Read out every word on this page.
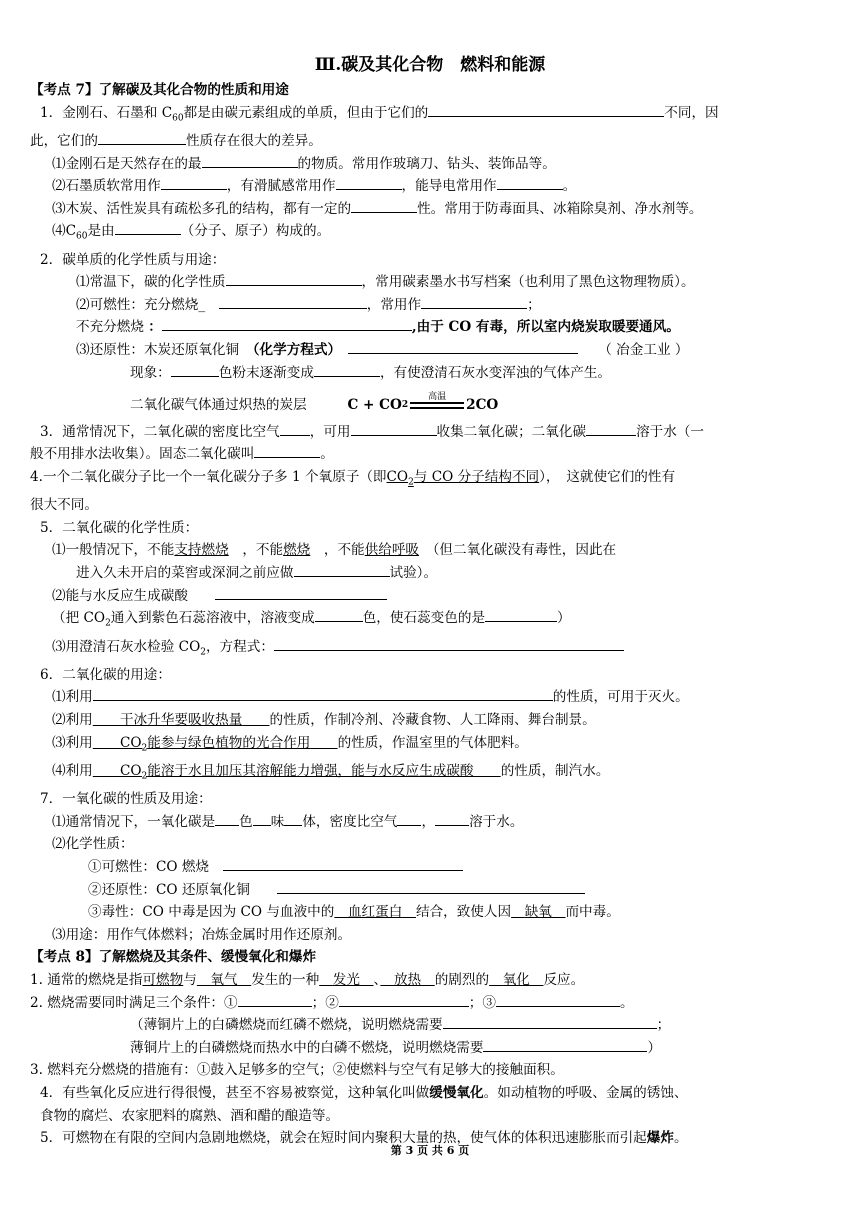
Ⅲ.碳及其化合物　燃料和能源
【考点 7】了解碳及其化合物的性质和用途
1．金刚石、石墨和 $C_{60}$都是由碳元素组成的单质，但由于它们的	不同，因
此，它们的	性质存在很大的差异。
⑴金刚石是天然存在的最	的物质。常用作玻璃刀、钻头、装饰品等。
⑵石墨质软常用作	，有滑腻感常用作	，能导电常用作	。
⑶木炭、活性炭具有疏松多孔的结构，都有一定的	性。常用于防毒面具、冰箱除臭剂、净水剂等。
$⑷C_{60}$是由	（分子、原子）构成的。
2．碳单质的化学性质与用途：
⑴常温下，碳的化学性质	，常用碳素墨水书写档案（也利用了黑色这物理物质）。
⑵可燃性：充分燃烧_　	，常用作	；
不充分燃烧 ：	,由于 CO 有毒，所以室内烧炭取暖要通风。
⑶还原性：木炭还原氧化铜　 （化学方程式）　　　	（ 冶金工业 ）
现象：	色粉末逐渐变成	，有使澄清石灰水变浑浊的气体产生。
二氧化碳气体通过炽热的炭层　　　	C + CO 2
高温	2CO
3．通常情况下，二氧化碳的密度比空气 ，可用	收集二氧化碳；二氧化碳	溶于水（一
般不用排水法收集）。固态二氧化碳叫	。
4.一个二氧化碳分子比一个一氧化碳分子多 1 个氧原子（即$CO_2$与 CO 分子结构不同），　这就使它们的性有
很大不同。
5．二氧化碳的化学性质：
⑴一般情况下，不能支持燃烧　 ，不能燃烧　 ，不能供给呼吸　 （但二氧化碳没有毒性，因此在
进入久未开启的菜窖或深洞之前应做	试验）。
⑵能与水反应生成碳酸　　
（把 $CO_2$通入到紫色石蕊溶液中，溶液变成	色，使石蕊变色的是	）
⑶用澄清石灰水检验 $CO_2$，方程式：
6．二氧化碳的用途：
⑴利用	的性质，可用于灭火。
⑵利用　　 干冰升华要吸收热量　　 的性质，作制冷剂、冷藏食物、人工降雨、舞台制景。
⑶利用　　 $CO_2$能参与绿色植物的光合作用　　 的性质，作温室里的气体肥料。
⑷利用　　 $CO_2$能溶于水且加压其溶解能力增强，能与水反应生成碳酸　　 的性质，制汽水。
7．一氧化碳的性质及用途：
⑴通常情况下，一氧化碳是 色 味 体，密度比空气 ，	溶于水。
⑵化学性质：
①可燃性：CO 燃烧　
②还原性：CO 还原氧化铜　　
③毒性：CO 中毒是因为 CO 与血液中的　 血红蛋白　 结合，致使人因　 缺氧　 而中毒。
⑶用途：用作气体燃料；冶炼金属时用作还原剂。
【考点 8】了解燃烧及其条件、缓慢氧化和爆炸
1. 通常的燃烧是指可燃物与　 氧气　 发生的一种　 发光　 、　 放热　 的剧烈的　 氧化　 反应。
2. 燃烧需要同时满足三个条件：①	；②	；③	。
（薄铜片上的白磷燃烧而红磷不燃烧，说明燃烧需要	；
薄铜片上的白磷燃烧而热水中的白磷不燃烧，说明燃烧需要	）
3. 燃料充分燃烧的措施有：①鼓入足够多的空气；②使燃料与空气有足够大的接触面积。
4．有些氧化反应进行得很慢，甚至不容易被察觉，这种氧化叫做缓慢氧化。如动植物的呼吸、金属的锈蚀、
食物的腐烂、农家肥料的腐熟、酒和醋的酿造等。
5．可燃物在有限的空间内急剧地燃烧，就会在短时间内聚积大量的热，使气体的体积迅速膨胀而引起爆炸。
第 3 页 共 6 页
